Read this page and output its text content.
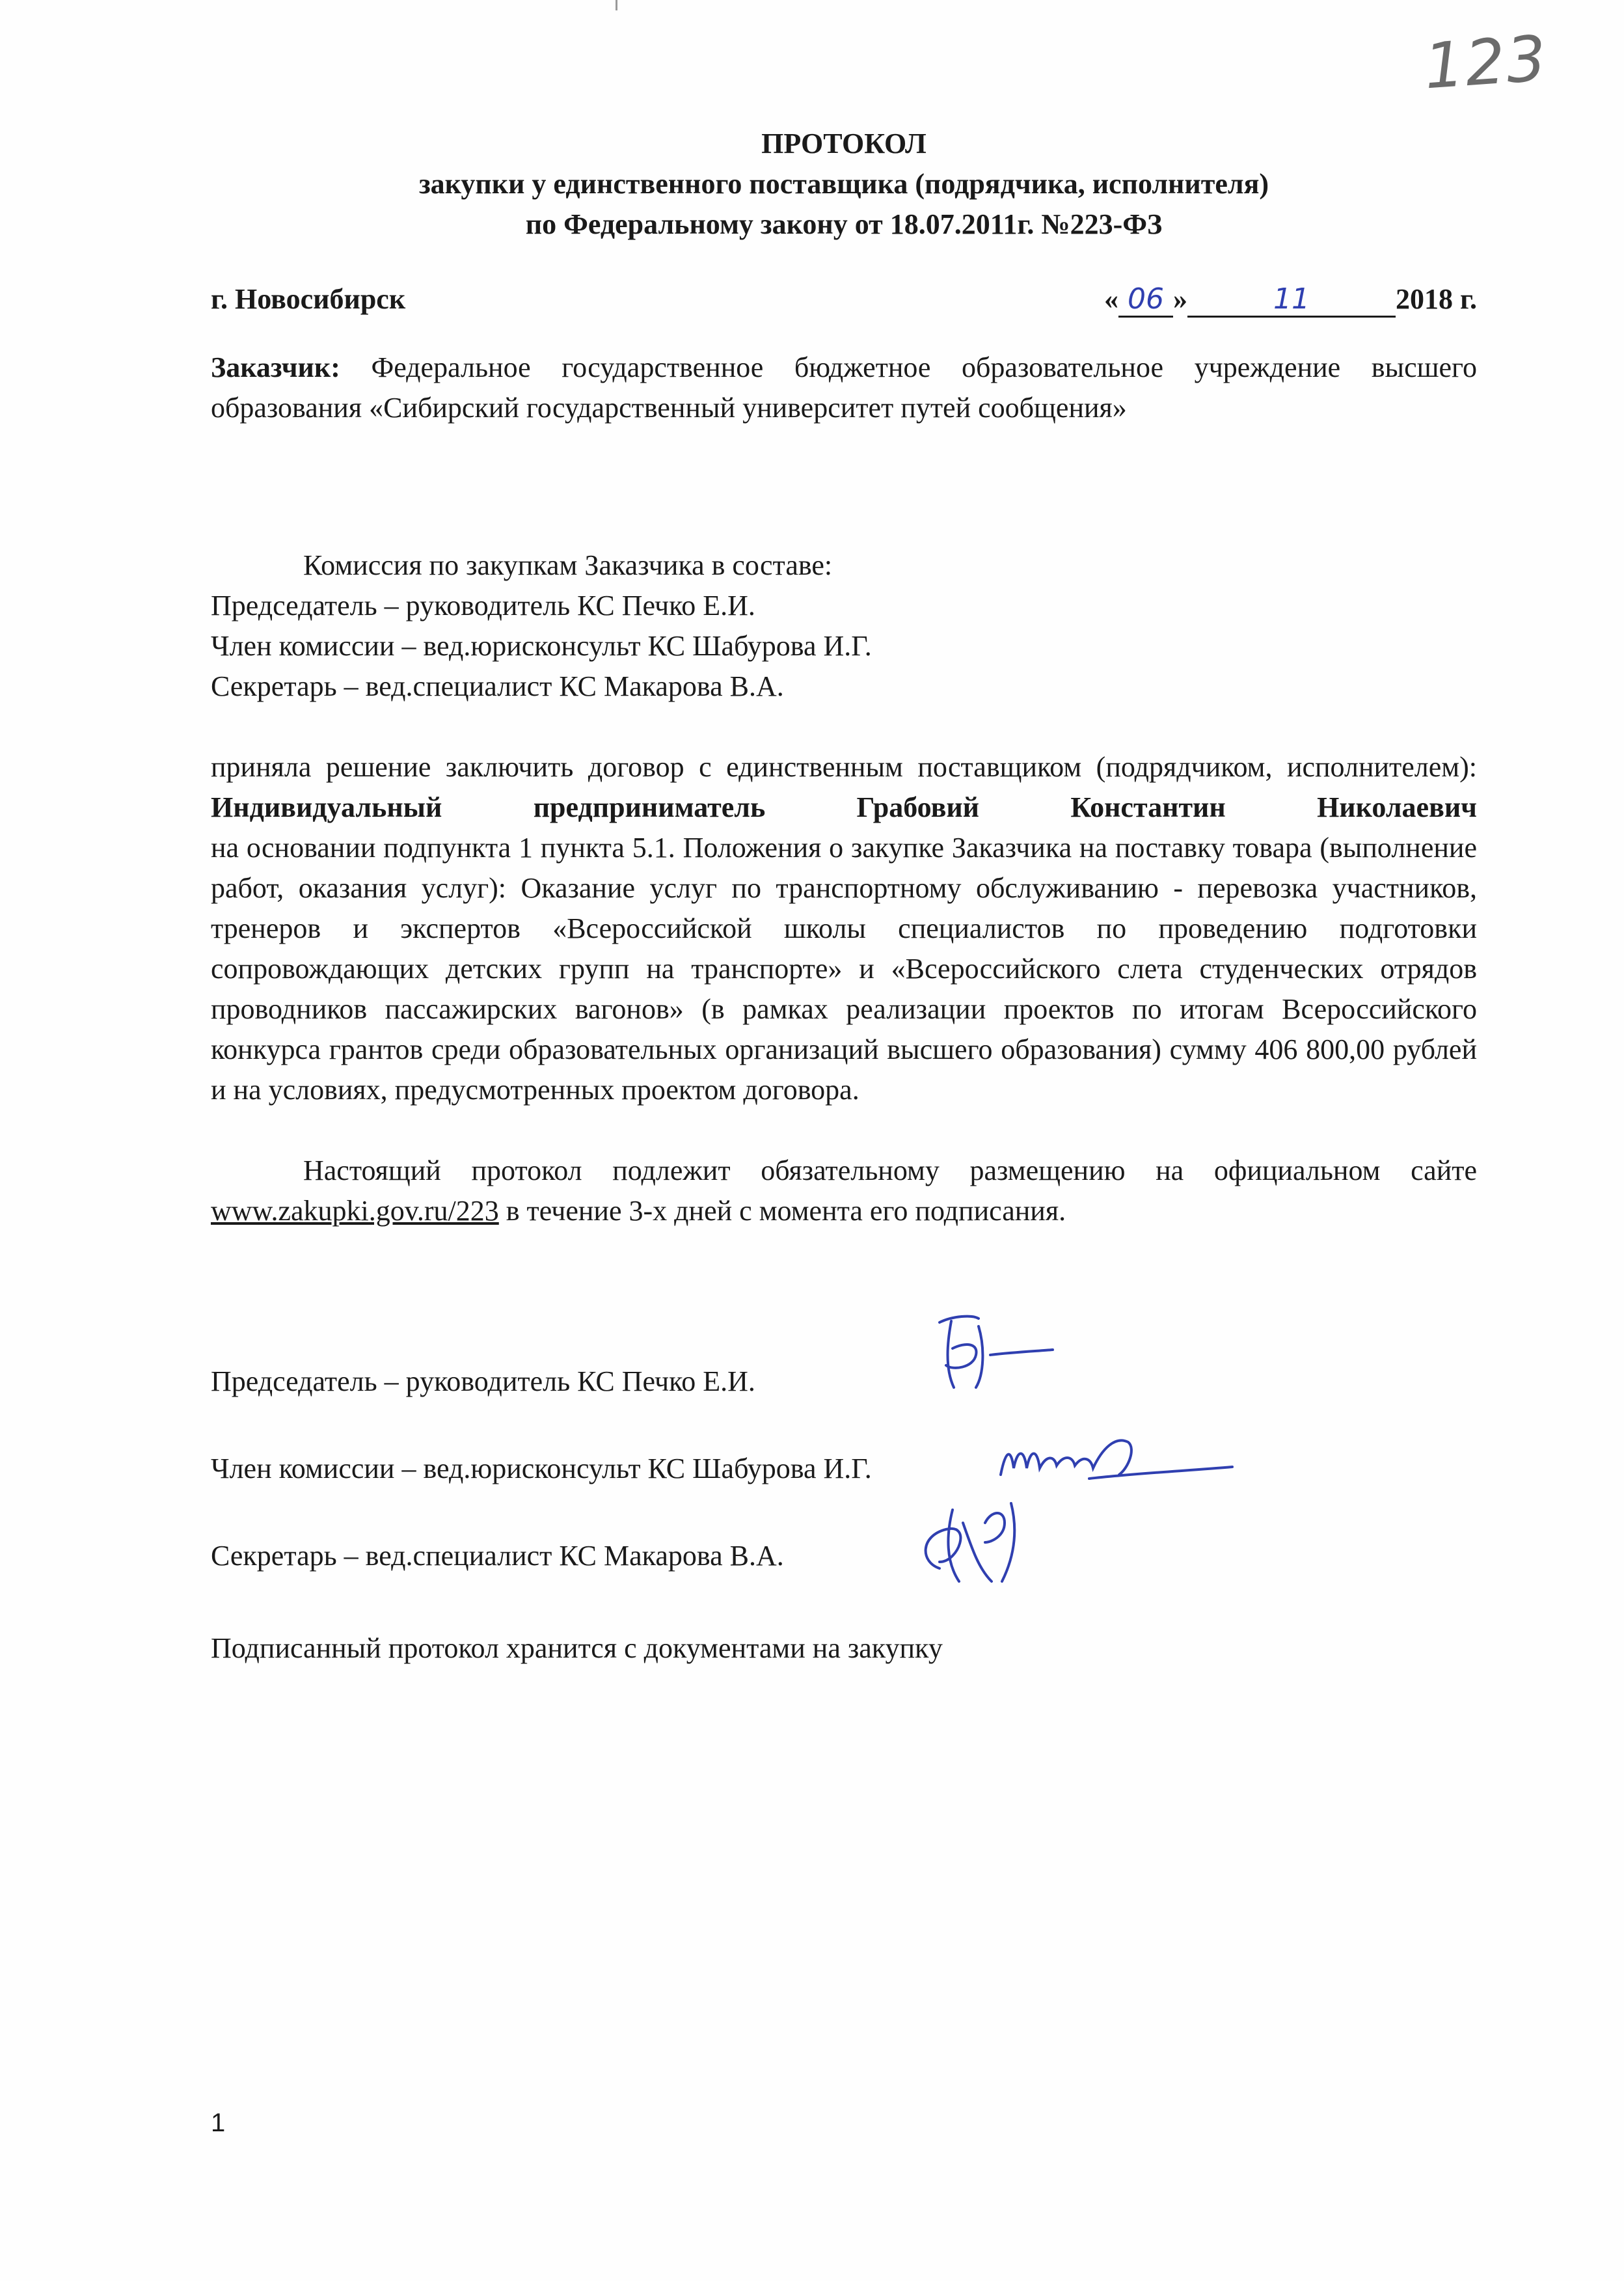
123
ПРОТОКОЛ
закупки у единственного поставщика (подрядчика, исполнителя)
по Федеральному закону от 18.07.2011г. №223-ФЗ
г. Новосибирск	« 06 »	11	2018 г.

Заказчик: Федеральное государственное бюджетное образовательное учреждение высшего образования «Сибирский государственный университет путей сообщения»

Комиссия по закупкам Заказчика в составе:

Председатель – руководитель КС Печко Е.И.

Член комиссии – вед.юрисконсульт КС Шабурова И.Г.

Секретарь – вед.специалист КС Макарова В.А.

приняла решение заключить договор с единственным поставщиком (подрядчиком, исполнителем): Индивидуальный предприниматель Грабовий Константин Николаевич

на основании подпункта 1 пункта 5.1. Положения о закупке Заказчика на поставку товара (выполнение работ, оказания услуг): Оказание услуг по транспортному обслуживанию - перевозка участников, тренеров и экспертов «Всероссийской школы специалистов по проведению подготовки сопровождающих детских групп на транспорте» и «Всероссийского слета студенческих отрядов проводников пассажирских вагонов» (в рамках реализации проектов по итогам Всероссийского конкурса грантов среди образовательных организаций высшего образования) сумму 406 800,00 рублей и на условиях, предусмотренных проектом договора.

Настоящий протокол подлежит обязательному размещению на официальном сайте www.zakupki.gov.ru/223 в течение 3-х дней с момента его подписания.

Председатель – руководитель КС Печко Е.И.

Член комиссии – вед.юрисконсульт КС Шабурова И.Г.

Секретарь – вед.специалист КС Макарова В.А.

Подписанный протокол хранится с документами на закупку

1
